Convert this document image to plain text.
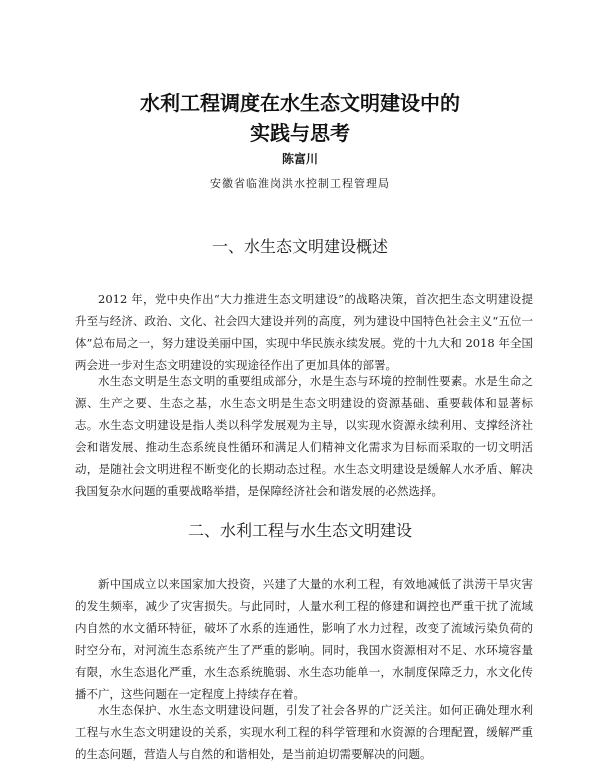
水利工程调度在水生态文明建设中的
实践与思考
陈富川
安徽省临淮岗洪水控制工程管理局
一、水生态文明建设概述

2012 年，党中央作出“大力推进生态文明建设”的战略决策，首次把生态文明建设提升至与经济、政治、文化、社会四大建设并列的高度，列为建设中国特色社会主义“五位一体”总布局之一，努力建设美丽中国，实现中华民族永续发展。党的十九大和 2018 年全国两会进一步对生态文明建设的实现途径作出了更加具体的部署。

水生态文明是生态文明的重要组成部分，水是生态与环境的控制性要素。水是生命之源、生产之要、生态之基，水生态文明是生态文明建设的资源基础、重要载体和显著标志。水生态文明建设是指人类以科学发展观为主导，以实现水资源永续利用、支撑经济社会和谐发展、推动生态系统良性循环和满足人们精神文化需求为目标而采取的一切文明活动，是随社会文明进程不断变化的长期动态过程。水生态文明建设是缓解人水矛盾、解决我国复杂水问题的重要战略举措，是保障经济社会和谐发展的必然选择。

二、水利工程与水生态文明建设

新中国成立以来国家加大投资，兴建了大量的水利工程，有效地减低了洪涝干旱灾害的发生频率，减少了灾害损失。与此同时，人量水利工程的修建和调控也严重干扰了流域内自然的水文循环特征，破坏了水系的连通性，影响了水力过程，改变了流域污染负荷的时空分布，对河流生态系统产生了严重的影响。同时，我国水资源相对不足、水环境容量有限，水生态退化严重，水生态系统脆弱、水生态功能单一，水制度保障乏力，水文化传播不广，这些问题在一定程度上持续存在着。

水生态保护、水生态文明建设问题，引发了社会各界的广泛关注。如何正确处理水利工程与水生态文明建设的关系，实现水利工程的科学管理和水资源的合理配置，缓解严重的生态问题，营造人与自然的和谐相处，是当前迫切需要解决的问题。
